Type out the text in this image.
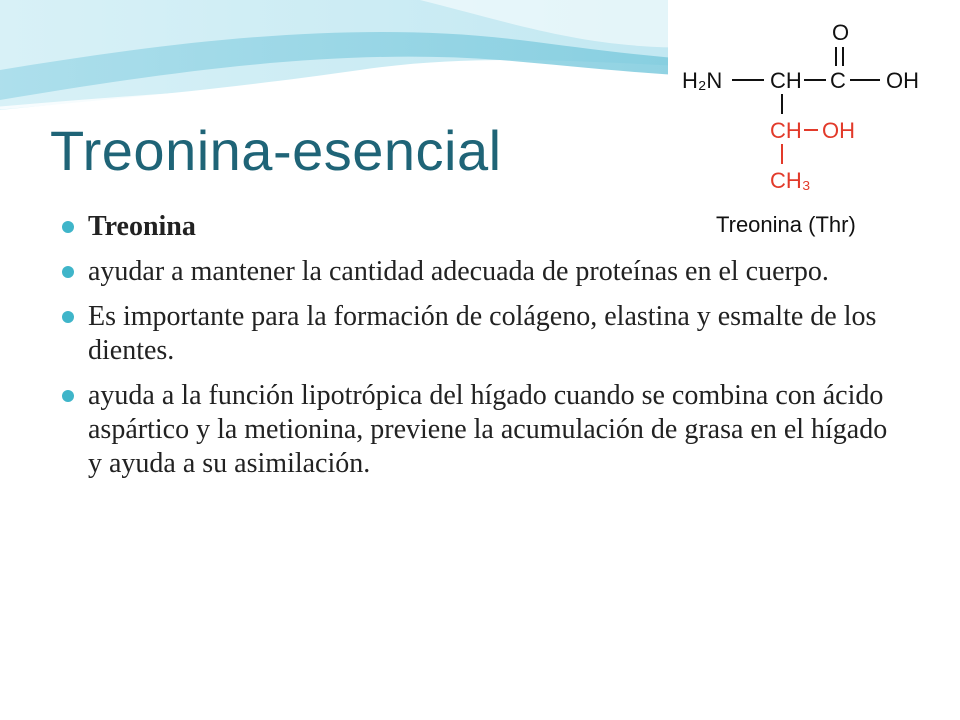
Treonina-esencial
O
H₂N CH C OH
CH OH
CH₃
Treonina (Thr)
Treonina
ayudar a mantener la cantidad adecuada de proteínas en el cuerpo.
Es importante para la formación de colágeno, elastina y esmalte de los dientes.
ayuda a la función lipotrópica del hígado cuando se combina con ácido aspártico y la metionina, previene la acumulación de grasa en el hígado y ayuda a su asimilación.
